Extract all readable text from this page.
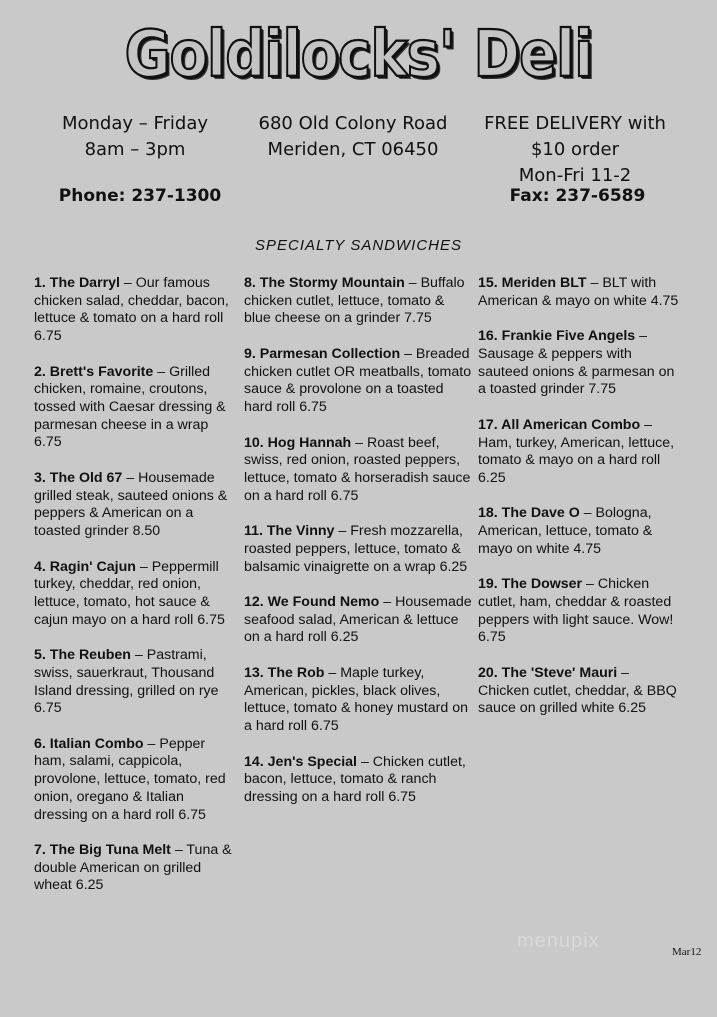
Goldilocks' Deli
Monday – Friday
8am – 3pm
680 Old Colony Road
Meriden, CT 06450
FREE DELIVERY with
$10 order
Mon-Fri 11-2
Phone: 237-1300	Fax: 237-6589
SPECIALTY SANDWICHES
1. The Darryl – Our famous chicken salad, cheddar, bacon, lettuce & tomato on a hard roll 6.75
2. Brett's Favorite – Grilled chicken, romaine, croutons, tossed with Caesar dressing & parmesan cheese in a wrap 6.75
3. The Old 67 – Housemade grilled steak, sauteed onions & peppers & American on a toasted grinder 8.50
4. Ragin' Cajun – Peppermill turkey, cheddar, red onion, lettuce, tomato, hot sauce & cajun mayo on a hard roll 6.75
5. The Reuben – Pastrami, swiss, sauerkraut, Thousand Island dressing, grilled on rye 6.75
6. Italian Combo – Pepper ham, salami, cappicola, provolone, lettuce, tomato, red onion, oregano & Italian dressing on a hard roll 6.75
7. The Big Tuna Melt – Tuna & double American on grilled wheat 6.25
8. The Stormy Mountain – Buffalo chicken cutlet, lettuce, tomato & blue cheese on a grinder 7.75
9. Parmesan Collection – Breaded chicken cutlet OR meatballs, tomato sauce & provolone on a toasted hard roll 6.75
10. Hog Hannah – Roast beef, swiss, red onion, roasted peppers, lettuce, tomato & horseradish sauce on a hard roll 6.75
11. The Vinny – Fresh mozzarella, roasted peppers, lettuce, tomato & balsamic vinaigrette on a wrap 6.25
12. We Found Nemo – Housemade seafood salad, American & lettuce on a hard roll 6.25
13. The Rob – Maple turkey, American, pickles, black olives, lettuce, tomato & honey mustard on a hard roll 6.75
14. Jen's Special – Chicken cutlet, bacon, lettuce, tomato & ranch dressing on a hard roll 6.75
15. Meriden BLT – BLT with American & mayo on white 4.75
16. Frankie Five Angels – Sausage & peppers with sauteed onions & parmesan on a toasted grinder 7.75
17. All American Combo – Ham, turkey, American, lettuce, tomato & mayo on a hard roll 6.25
18. The Dave O – Bologna, American, lettuce, tomato & mayo on white 4.75
19. The Dowser – Chicken cutlet, ham, cheddar & roasted peppers with light sauce. Wow! 6.75
20. The 'Steve' Mauri – Chicken cutlet, cheddar, & BBQ sauce on grilled white 6.25
menupix	Mar12
